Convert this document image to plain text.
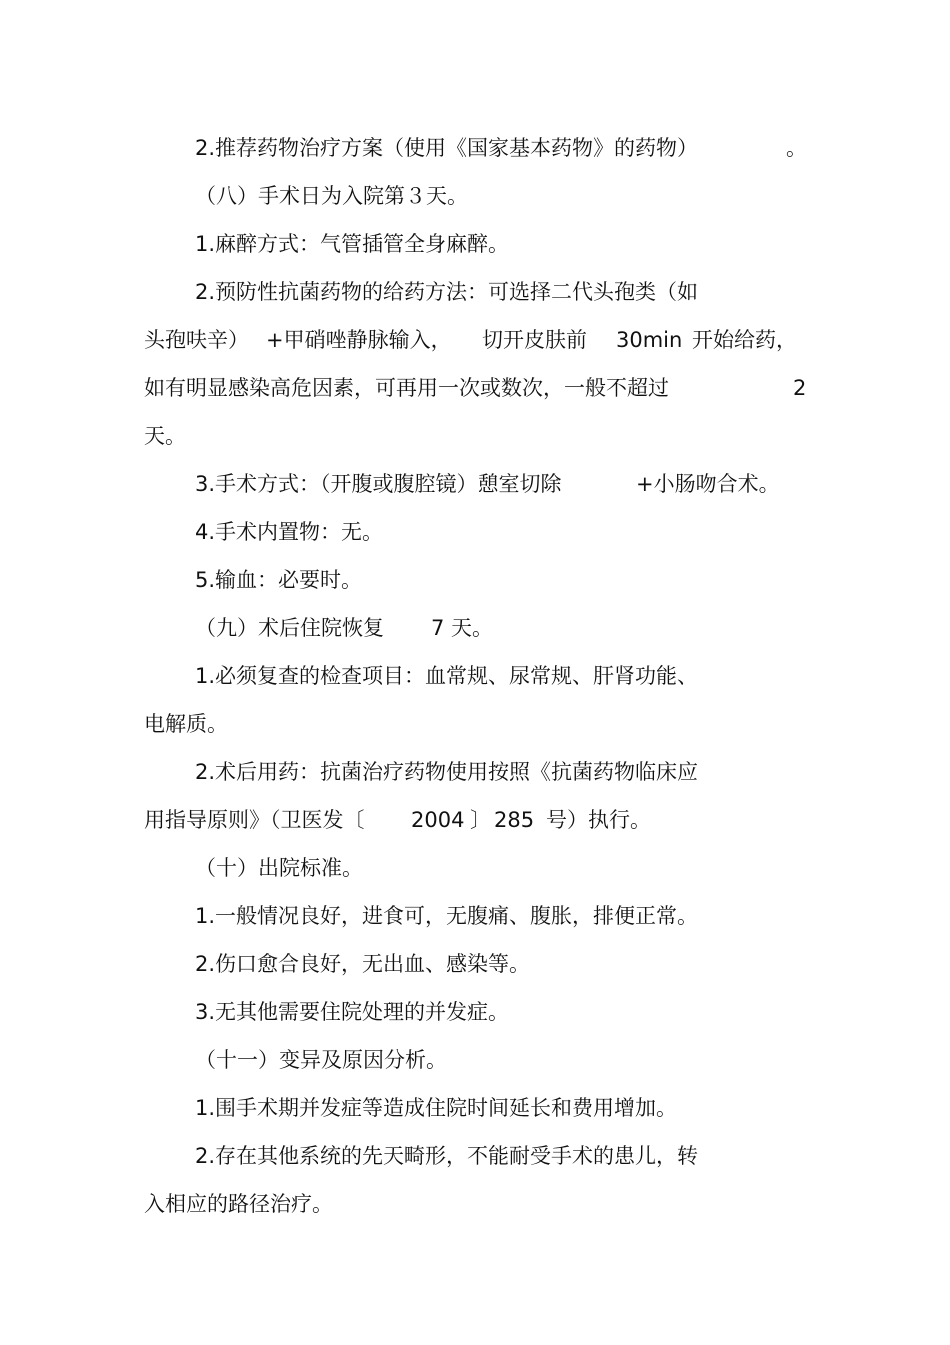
2.推荐药物治疗方案（使用《国家基本药物》的药物）	。
（八）手术日为入院第３天。
1.麻醉方式：气管插管全身麻醉。
2.预防性抗菌药物的给药方法：可选择二代头孢类（如
头孢呋辛） +甲硝唑静脉输入， 切开皮肤前 30min 开始给药，
如有明显感染高危因素，可再用一次或数次，一般不超过	2
天。
3.手术方式：（开腹或腹腔镜）憩室切除	+小肠吻合术。
4.手术内置物：无。
5.输血：必要时。
（九）术后住院恢复 7 天。
1.必须复查的检查项目：血常规、尿常规、肝肾功能、
电解质。
2.术后用药：抗菌治疗药物使用按照《抗菌药物临床应
用指导原则》（卫医发〔 2004 〕 285 号）执行。
（十）出院标准。
1.一般情况良好，进食可，无腹痛、腹胀，排便正常。
2.伤口愈合良好，无出血、感染等。
3.无其他需要住院处理的并发症。
（十一）变异及原因分析。
1.围手术期并发症等造成住院时间延长和费用增加。
2.存在其他系统的先天畸形，不能耐受手术的患儿，转
入相应的路径治疗。
